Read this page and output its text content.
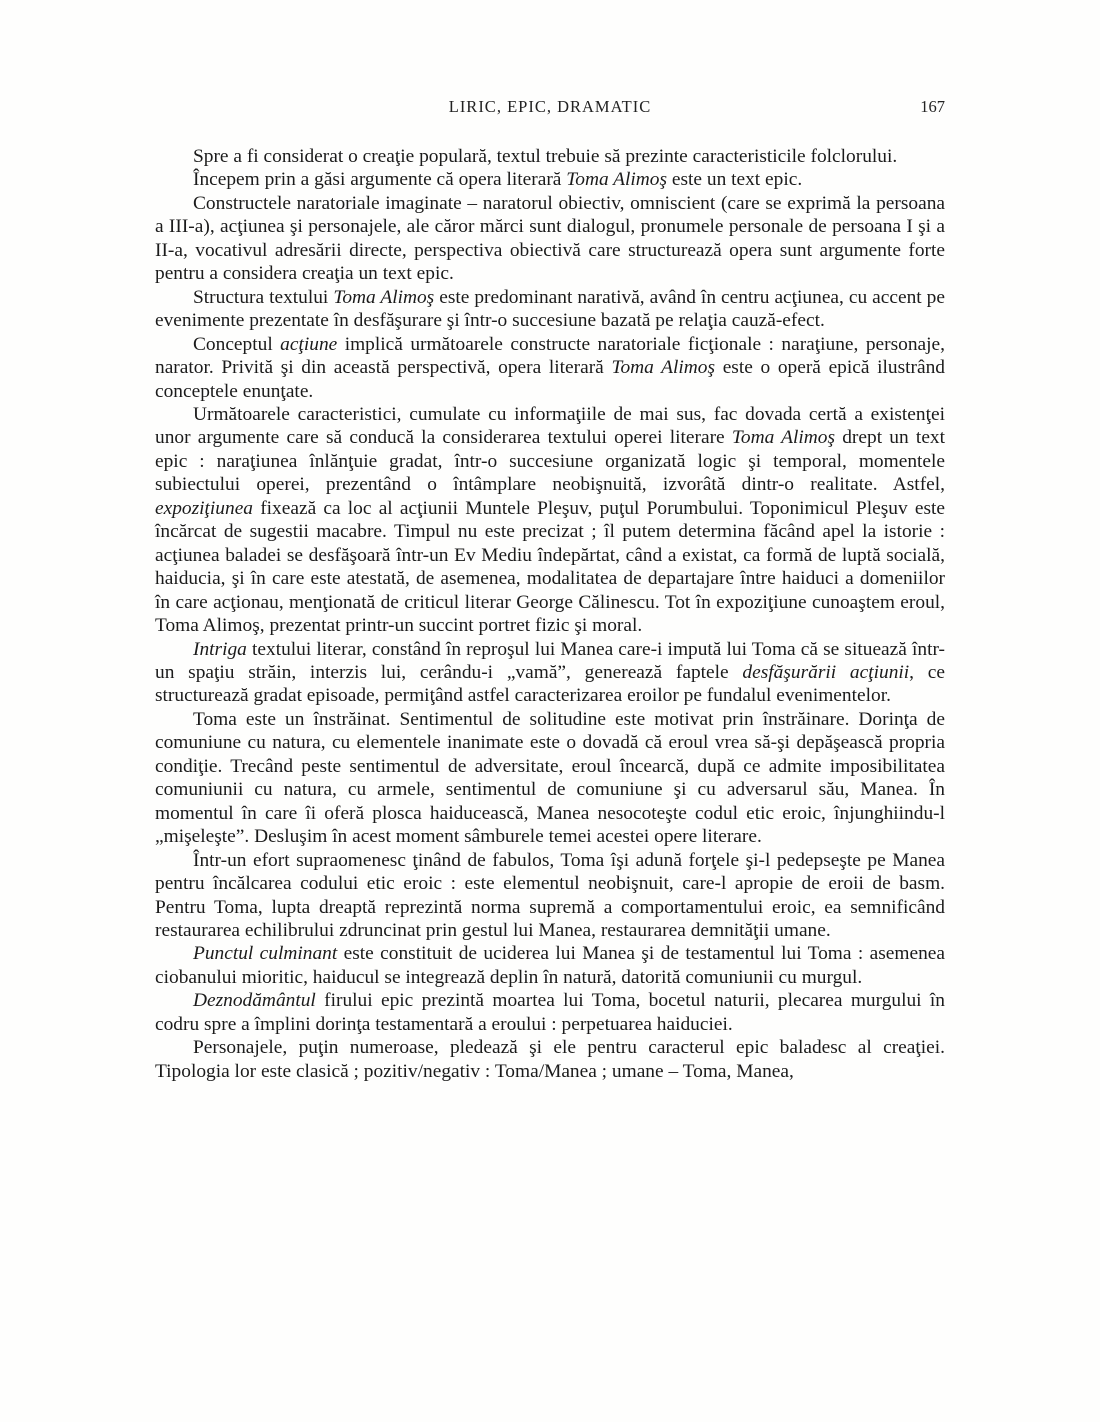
LIRIC, EPIC, DRAMATIC	167

Spre a fi considerat o creaţie populară, textul trebuie să prezinte caracteristicile folclorului.

Începem prin a găsi argumente că opera literară Toma Alimoş este un text epic.

Constructele naratoriale imaginate – naratorul obiectiv, omniscient (care se exprimă la persoana a III-a), acţiunea şi personajele, ale căror mărci sunt dialogul, pronumele personale de persoana I şi a II-a, vocativul adresării directe, perspectiva obiectivă care structurează opera sunt argumente forte pentru a considera creaţia un text epic.

Structura textului Toma Alimoş este predominant narativă, având în centru acţiunea, cu accent pe evenimente prezentate în desfăşurare şi într-o succesiune bazată pe relaţia cauză-efect.

Conceptul acţiune implică următoarele constructe naratoriale ficţionale : naraţiune, personaje, narator. Privită şi din această perspectivă, opera literară Toma Alimoş este o operă epică ilustrând conceptele enunţate.

Următoarele caracteristici, cumulate cu informaţiile de mai sus, fac dovada certă a existenţei unor argumente care să conducă la considerarea textului operei literare Toma Alimoş drept un text epic : naraţiunea înlănţuie gradat, într-o succesiune organizată logic şi temporal, momentele subiectului operei, prezentând o întâmplare neobişnuită, izvorâtă dintr-o realitate. Astfel, expoziţiunea fixează ca loc al acţiunii Muntele Pleşuv, puţul Porumbului. Toponimicul Pleşuv este încărcat de sugestii macabre. Timpul nu este precizat ; îl putem determina făcând apel la istorie : acţiunea baladei se desfăşoară într-un Ev Mediu îndepărtat, când a existat, ca formă de luptă socială, haiducia, şi în care este atestată, de asemenea, modalitatea de departajare între haiduci a domeniilor în care acţionau, menţionată de criticul literar George Călinescu. Tot în expoziţiune cunoaştem eroul, Toma Alimoş, prezentat printr-un succint portret fizic şi moral.

Intriga textului literar, constând în reproşul lui Manea care-i impută lui Toma că se situează într-un spaţiu străin, interzis lui, cerându-i „vamă”, generează faptele desfăşurării acţiunii, ce structurează gradat episoade, permiţând astfel caracterizarea eroilor pe fundalul evenimentelor.

Toma este un înstrăinat. Sentimentul de solitudine este motivat prin înstrăinare. Dorinţa de comuniune cu natura, cu elementele inanimate este o dovadă că eroul vrea să-şi depăşească propria condiţie. Trecând peste sentimentul de adversitate, eroul încearcă, după ce admite imposibilitatea comuniunii cu natura, cu armele, sentimentul de comuniune şi cu adversarul său, Manea. În momentul în care îi oferă plosca haiducească, Manea nesocoteşte codul etic eroic, înjunghiindu-l „mişeleşte”. Desluşim în acest moment sâmburele temei acestei opere literare.

Într-un efort supraomenesc ţinând de fabulos, Toma îşi adună forţele şi-l pedepseşte pe Manea pentru încălcarea codului etic eroic : este elementul neobişnuit, care-l apropie de eroii de basm. Pentru Toma, lupta dreaptă reprezintă norma supremă a comportamentului eroic, ea semnificând restaurarea echilibrului zdruncinat prin gestul lui Manea, restaurarea demnităţii umane.

Punctul culminant este constituit de uciderea lui Manea şi de testamentul lui Toma : asemenea ciobanului mioritic, haiducul se integrează deplin în natură, datorită comuniunii cu murgul.

Deznodământul firului epic prezintă moartea lui Toma, bocetul naturii, plecarea murgului în codru spre a împlini dorinţa testamentară a eroului : perpetuarea haiduciei.

Personajele, puţin numeroase, pledează şi ele pentru caracterul epic baladesc al creaţiei. Tipologia lor este clasică ; pozitiv/negativ : Toma/Manea ; umane – Toma, Manea,
